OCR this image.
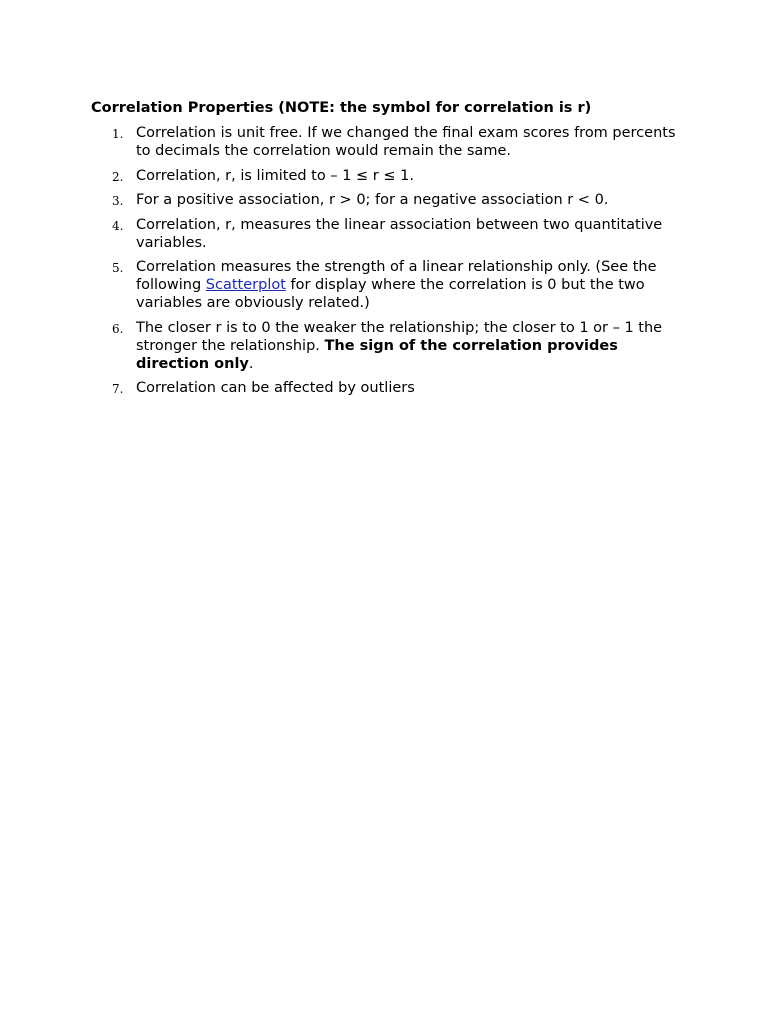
Correlation Properties (NOTE: the symbol for correlation is r)
1. Correlation is unit free. If we changed the final exam scores from percents to decimals the correlation would remain the same.
2. Correlation, r, is limited to – 1 ≤ r ≤ 1.
3. For a positive association, r > 0; for a negative association r < 0.
4. Correlation, r, measures the linear association between two quantitative variables.
5. Correlation measures the strength of a linear relationship only. (See the following Scatterplot for display where the correlation is 0 but the two variables are obviously related.)
6. The closer r is to 0 the weaker the relationship; the closer to 1 or – 1 the stronger the relationship. The sign of the correlation provides direction only.
7. Correlation can be affected by outliers
